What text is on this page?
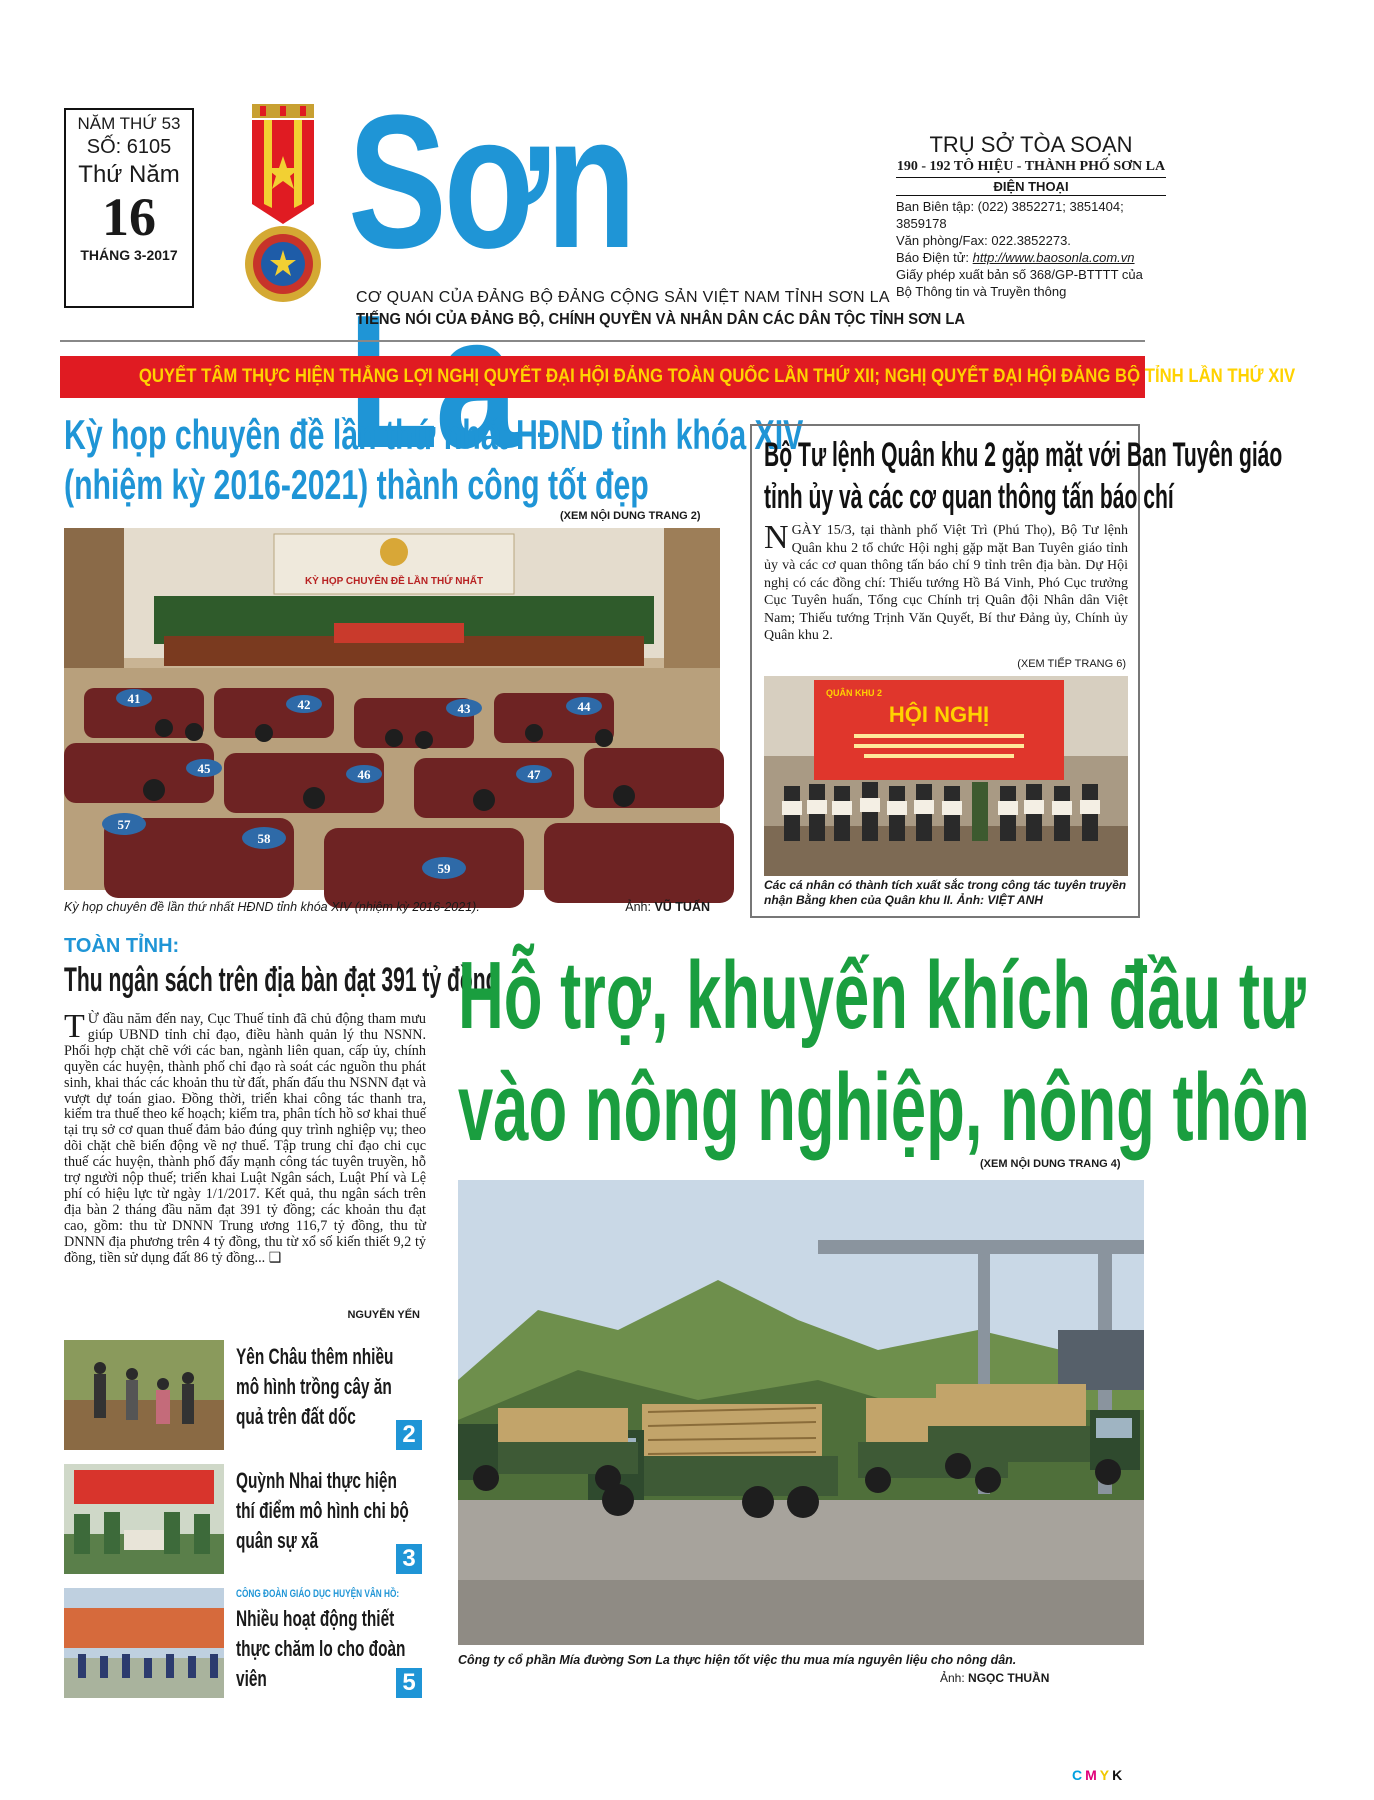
NĂM THỨ 53
SỐ: 6105
Thứ Năm
16
THÁNG 3-2017 Sơn
CƠ QUAN CỦA ĐẢNG BỘ ĐẢNG CỘNG SẢN VIỆT NAM TỈNH SƠN LA
TIẾNG NÓI CỦA ĐẢNG BỘ, CHÍNH QUYỀN VÀ NHÂN DÂN CÁC DÂN TỘC TỈNH SƠN LA
TRỤ SỞ TÒA SOẠN
190 - 192 TÔ HIỆU - THÀNH PHỐ SƠN LA
ĐIỆN THOẠI
Ban Biên tập: (022) 3852271; 3851404; 3859178
Văn phòng/Fax: 022.3852273.
Báo Điện tử: http://www.baosonla.com.vn
Giấy phép xuất bản số 368/GP-BTTTT của
Bộ Thông tin và Truyền thông
QUYẾT TÂM THỰC HIỆN THẮNG LỢI NGHỊ QUYẾT ĐẠI HỘI ĐẢNG TOÀN QUỐC LẦN THỨ XII; NGHỊ QUYẾT ĐẠI HỘI ĐẢNG BỘ TỈNH LẦN THỨ XIV
Kỳ họp chuyên đề lần thứ nhất HĐND tỉnh khóa XIV
(nhiệm kỳ 2016-2021) thành công tốt đẹp
(XEM NỘI DUNG TRANG 2)
KỲ HỌP CHUYÊN ĐỀ LẦN THỨ NHẤT
41	42	43	44
45	46	47
57
58
59
Kỳ họp chuyên đề lần thứ nhất HĐND tỉnh khóa XIV (nhiệm kỳ 2016-2021).	Ảnh: VŨ TUẤN
Bộ Tư lệnh Quân khu 2 gặp mặt với Ban Tuyên giáo
tỉnh ủy và các cơ quan thông tấn báo chí
NGÀY 15/3, tại thành phố Việt Trì (Phú Thọ), Bộ Tư lệnh Quân khu 2 tổ chức Hội nghị gặp mặt Ban Tuyên giáo tỉnh ủy và các cơ quan thông tấn báo chí 9 tỉnh trên địa bàn. Dự Hội nghị có các đồng chí: Thiếu tướng Hồ Bá Vinh, Phó Cục trưởng Cục Tuyên huấn, Tổng cục Chính trị Quân đội Nhân dân Việt Nam; Thiếu tướng Trịnh Văn Quyết, Bí thư Đảng ủy, Chính ủy Quân khu 2.
(XEM TIẾP TRANG 6)
QUÂN KHU 2
HỘI NGHỊ
Các cá nhân có thành tích xuất sắc trong công tác tuyên truyền nhận Bằng khen của Quân khu II. Ảnh: VIỆT ANH
TOÀN TỈNH:
Thu ngân sách trên địa bàn đạt 391 tỷ đồng
T Ừ đầu năm đến nay, Cục Thuế tỉnh đã chủ động tham mưu giúp UBND tỉnh chỉ đạo, điều hành quản lý thu NSNN. Phối hợp chặt chẽ với các ban, ngành liên quan, cấp ủy, chính quyền các huyện, thành phố chỉ đạo rà soát các nguồn thu phát sinh, khai thác các khoản thu từ đất, phấn đấu thu NSNN đạt và vượt dự toán giao. Đồng thời, triển khai công tác thanh tra, kiểm tra thuế theo kế hoạch; kiểm tra, phân tích hồ sơ khai thuế tại trụ sở cơ quan thuế đảm bảo đúng quy trình nghiệp vụ; theo dõi chặt chẽ biến động về nợ thuế. Tập trung chỉ đạo chi cục thuế các huyện, thành phố đẩy mạnh công tác tuyên truyền, hỗ trợ người nộp thuế; triển khai Luật Ngân sách, Luật Phí và Lệ phí có hiệu lực từ ngày 1/1/2017. Kết quả, thu ngân sách trên địa bàn 2 tháng đầu năm đạt 391 tỷ đồng; các khoản thu đạt cao, gồm: thu từ DNNN Trung ương 116,7 tỷ đồng, thu từ DNNN địa phương trên 4 tỷ đồng, thu từ xổ số kiến thiết 9,2 tỷ đồng, tiền sử dụng đất 86 tỷ đồng... ❑
NGUYỄN YẾN
Hỗ trợ, khuyến khích đầu tư
vào nông nghiệp, nông thôn
(XEM NỘI DUNG TRANG 4)
Công ty cổ phần Mía đường Sơn La thực hiện tốt việc thu mua mía nguyên liệu cho nông dân.
Ảnh: NGỌC THUẦN
Yên Châu thêm nhiều mô hình trồng cây ăn quả trên đất dốc
2
Quỳnh Nhai thực hiện thí điểm mô hình chi bộ quân sự xã
3
CÔNG ĐOÀN GIÁO DỤC HUYỆN VÂN HỒ:
Nhiều hoạt động thiết thực chăm lo cho đoàn viên	5
CMYK
